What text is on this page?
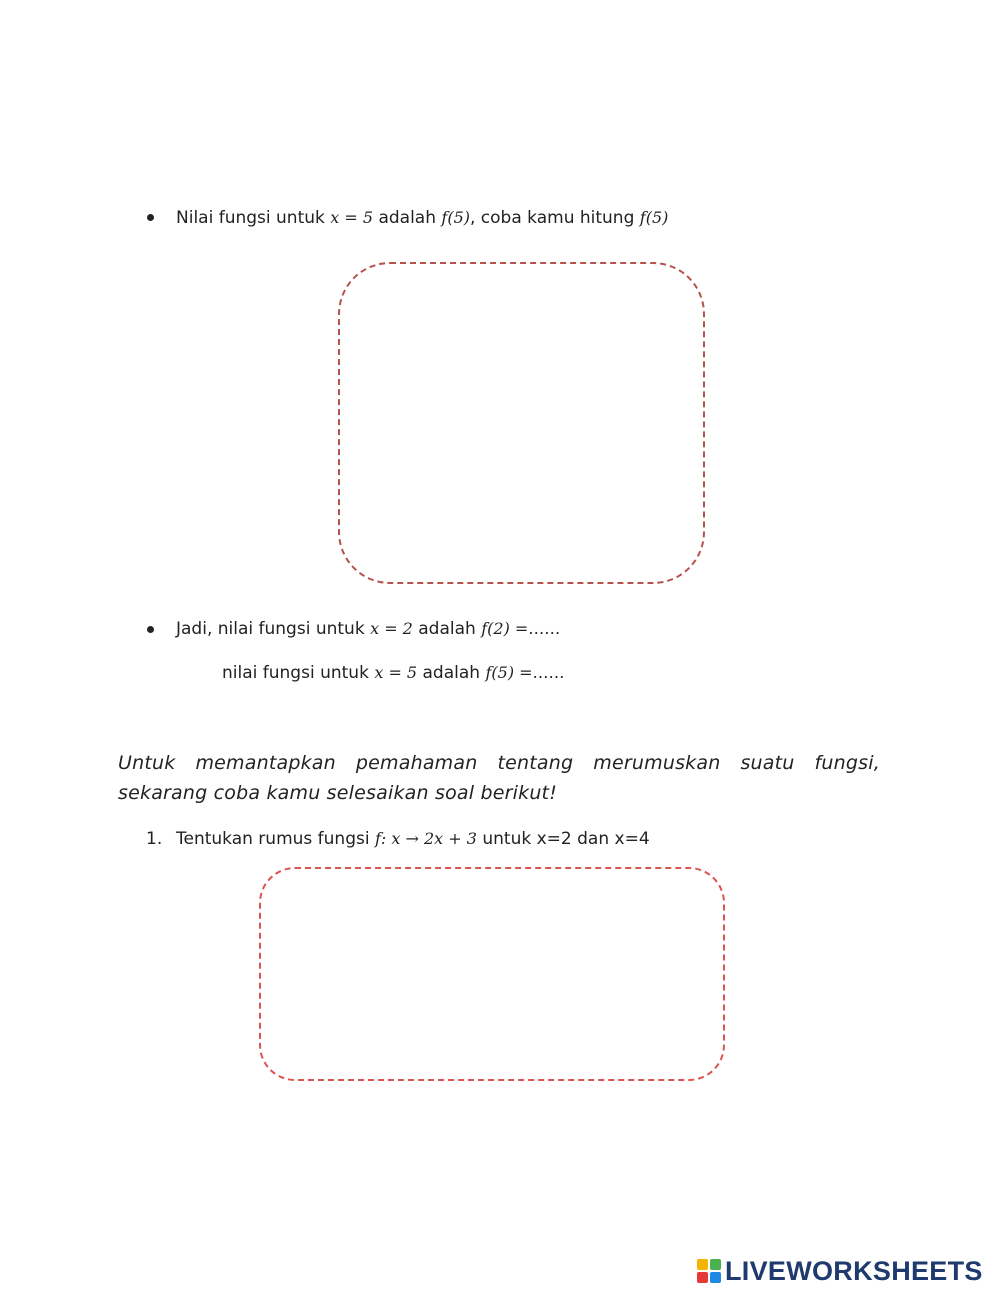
Nilai fungsi untuk x = 5 adalah f(5), coba kamu hitung f(5)
Jadi, nilai fungsi untuk x = 2 adalah f(2) =……
nilai fungsi untuk x = 5 adalah f(5) =……
Untuk memantapkan pemahaman tentang merumuskan suatu fungsi, sekarang coba kamu selesaikan soal berikut!
1. Tentukan rumus fungsi f: x → 2x + 3 untuk x=2 dan x=4
LIVEWORKSHEETS
